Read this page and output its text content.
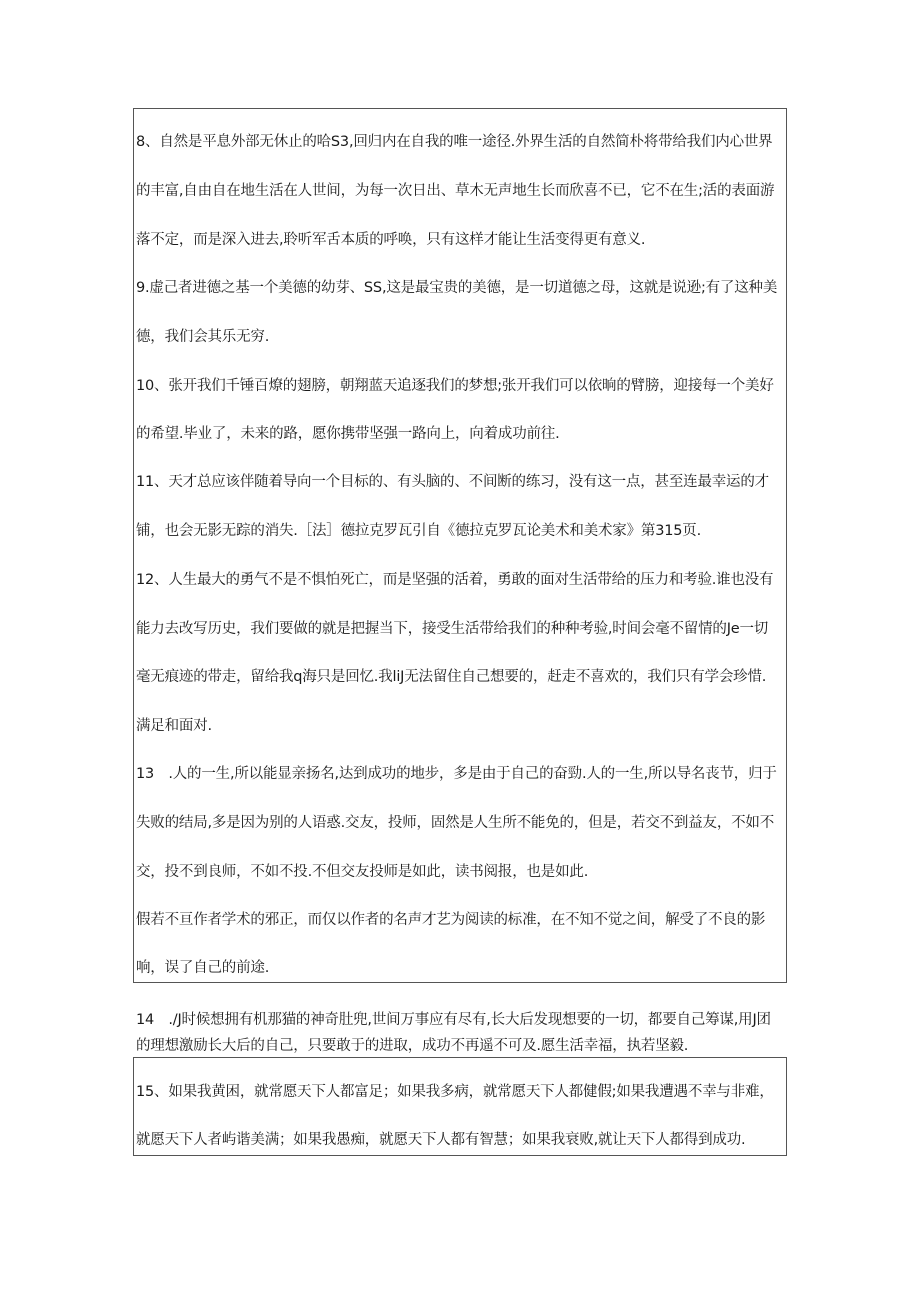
8、自然是平息外部无休止的哈S3,回归内在自我的唯一途径.外界生活的自然简朴将带给我们内心世界
的丰富,自由自在地生活在人世间，为每一次日出、草木无声地生长而欣喜不已，它不在生;活的表面游
落不定，而是深入进去,聆听军舌本质的呼唤，只有这样才能让生活变得更有意义.
9.虚己者进德之基一个美德的幼芽、SS,这是最宝贵的美德，是一切道德之母，这就是说逊;有了这种美
德，我们会其乐无穷.
10、张开我们千锤百燎的翅膀，朝翔蓝天追逐我们的梦想;张开我们可以依晌的臂膀，迎接每一个美好
的希望.毕业了，未来的路，愿你携带坚强一路向上，向着成功前往.
11、天才总应该伴随着导向一个目标的、有头脑的、不间断的练习，没有这一点，甚至连最幸运的才
铺，也会无影无踪的消失.［法］德拉克罗瓦引自《德拉克罗瓦论美术和美术家》第315页.
12、人生最大的勇气不是不惧怕死亡，而是坚强的活着，勇敢的面对生活带给的压力和考验.谁也没有
能力去改写历史，我们要做的就是把握当下，接受生活带给我们的种种考验,时间会毫不留情的Je一切
毫无痕迹的带走，留给我q海只是回忆.我liJ无法留住自己想要的，赶走不喜欢的，我们只有学会珍惜.
满足和面对.
13　.人的一生,所以能显亲扬名,达到成功的地步，多是由于自己的奋勁.人的一生,所以导名丧节，归于
失败的结局,多是因为别的人语惑.交友，投师，固然是人生所不能免的，但是，若交不到益友，不如不
交，投不到良师，不如不投.不但交友投师是如此，读书阅报，也是如此.
假若不亘作者学术的邪正，而仅以作者的名声才艺为阅读的标准，在不知不觉之间，解受了不良的影
响，误了自己的前途.
14　./J时候想拥有机那猫的神奇肚兜,世间万事应有尽有,长大后发现想要的一切，都要自己筹谋,用J团
的理想激励长大后的自己，只要敢于的进取，成功不再遥不可及.愿生活幸福，执若坚毅.
15、如果我黄困，就常愿天下人都富足；如果我多病，就常愿天下人都健假;如果我遭遇不幸与非难，
就愿天下人者屿谐美满；如果我愚痴，就愿天下人都有智慧；如果我衰败,就让天下人都得到成功.
